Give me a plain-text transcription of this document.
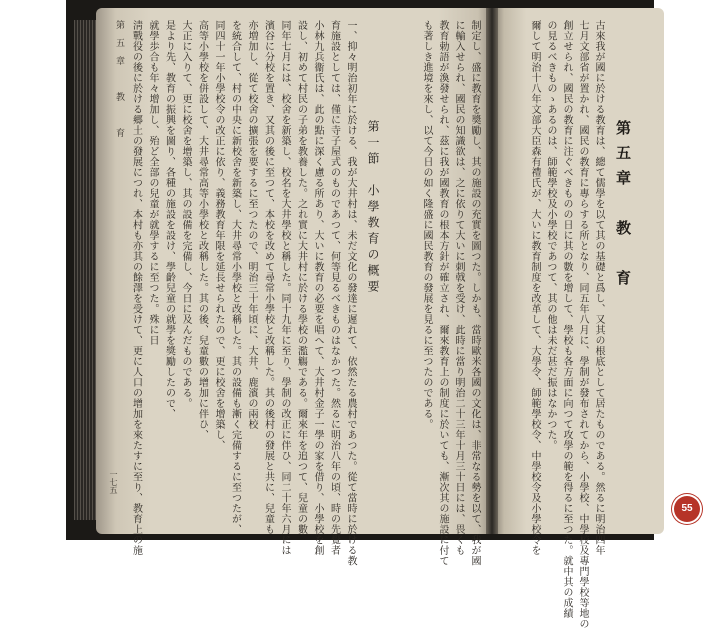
第五章　教　育
古來我が國に於ける教育は、總て儒學を以て其の基礎と爲し、又其の根底として居たものである。然るに明治四年
七月文部省が置かれ、國民の教育に專らする所となり、同五年八月に、學制が發布されてから、小學校、中學校及專門學校等地の
創立せられ、國民の教育に注ぐべきものの日に其の數を增して、學校も各方面に向つて攻學の範を得るに至つた。就中其の成績
の見るべきものゝあるのは、師範學校及小學校であつて、其の他は未だ甚だ振はなかつた。
爾して明治十八年文部大臣森有禮氏が、大いに教育制度を改革して、大學令、師範學校令、中學校令及小學校令を
制定し、盛に教育を奬勵し、其の施設の充實を圖つた。しかも、當時歐米各國の文化は、非常なる勢を以て、我が國
に輸入せられ、國民の知識欲は、之に依りて大いに刺戟を受け、此時に當り明治二十三年十月三十日には、畏くも
教育勅語が渙發せられ、茲に我が國教育の根本方針が確立され、爾來教育上の制度に於いても、漸次其の施設に付て
も著しき進境を來し、以て今日の如く隆盛に國民教育の發展を見るに至つたのである。
第一節　小學教育の概要
一、抑々明治初年に於ける、我が大井村は、未だ文化の發達に遲れて、依然たる農村であつた。從て當時に於ける教
育施設としては、僅に寺子屋式のものであつて、何等見るべきものはなかつた。然るに明治八年の頃、時の先覺者
小林九兵衞氏は、此の點に深く慮る所あり、大いに教育の必要を唱へて、大井村金子一學の家を借り、小學校を創
設し、初めて村民の子弟を教養した。之れ實に大井村に於ける學校の濫觴である。爾來年を追つて、兒童の數
同年七月には、校舍を新築し、校名を大井學校と稱した。同十九年に至り、學制の改正に伴ひ、同二十年六月には
濱谷に分校を置き、又其の後に至つて、本校を改めて尋常小學校と改稱した。其の後村の發展と共に、兒童も
亦増加し、從て校舍の擴張を要するに至つたので、明治三十年頃に、大井、鹿濱の兩校
を統合して、村の中央に新校舍を新築し、大井尋常小學校と改稱した。其の設備も漸く完備するに至つたが、
同四十一年小學校令の改正に依り、義務教育年限を延長せられたので、更に校舍を增築し、
高等小學校を併設して、大井尋常高等小學校と改稱した。其の後、兒童數の增加に伴ひ、
大正に入りて、更に校舍を增築し、其の設備を完備し、今日に及んだものである。
是より先、教育の振興を圖り、各種の施設を設け、學齡兒童の就學を獎勵したので、
就學歩合も年々增加し、殆ど全部の兒童が就學するに至つた。殊に日
淸戰役の後に於ける郷土の發展につれ、本村も亦其の餘澤を受けて、更に人口の增加を來たすに至り、教育上の施
第五章　教　育
一七五
55
